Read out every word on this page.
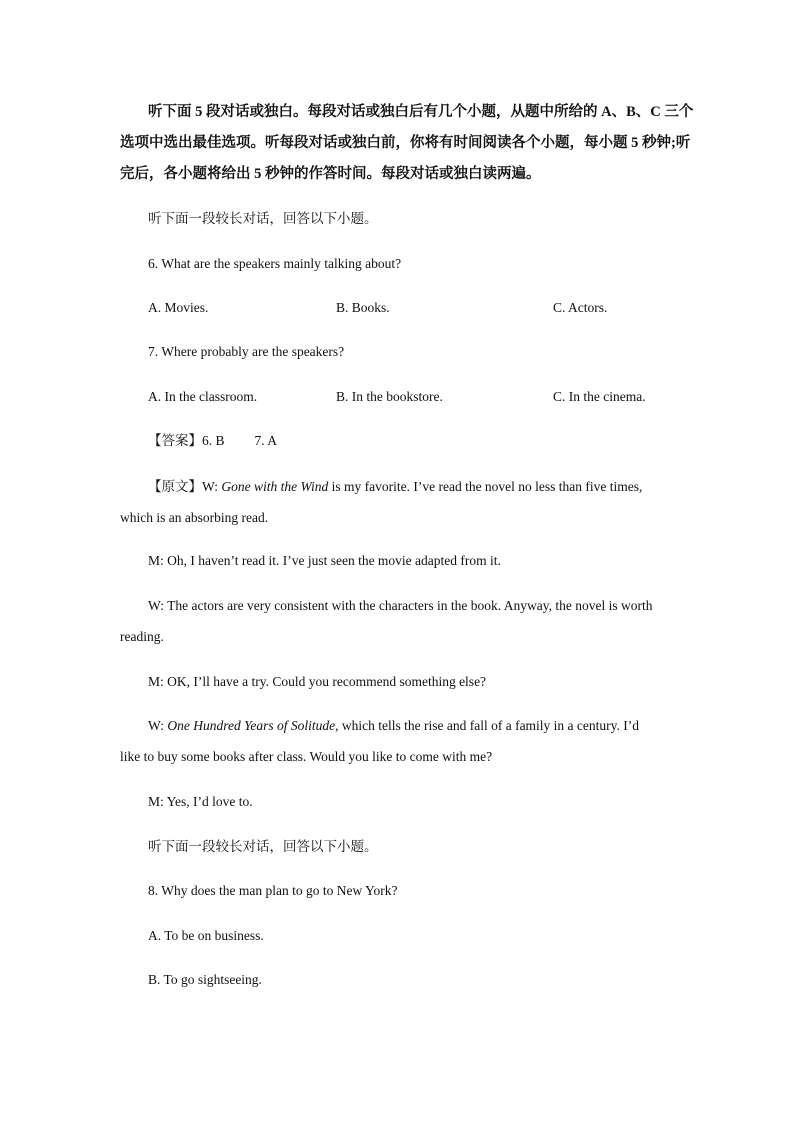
听下面 5 段对话或独白。每段对话或独白后有几个小题，从题中所给的 A、B、C 三个
选项中选出最佳选项。听每段对话或独白前，你将有时间阅读各个小题，每小题 5 秒钟;听
完后，各小题将给出 5 秒钟的作答时间。每段对话或独白读两遍。
听下面一段较长对话，回答以下小题。
6. What are the speakers mainly talking about?
A. Movies.	B. Books.	C. Actors.
7. Where probably are the speakers?
A. In the classroom.	B. In the bookstore.	C. In the cinema.
【答案】6. B 7. A
【原文】W: Gone with the Wind is my favorite. I’ve read the novel no less than five times,
which is an absorbing read.
M: Oh, I haven’t read it. I’ve just seen the movie adapted from it.
W: The actors are very consistent with the characters in the book. Anyway, the novel is worth
reading.
M: OK, I’ll have a try. Could you recommend something else?
W: One Hundred Years of Solitude, which tells the rise and fall of a family in a century. I’d
like to buy some books after class. Would you like to come with me?
M: Yes, I’d love to.
听下面一段较长对话，回答以下小题。
8. Why does the man plan to go to New York?
A. To be on business.
B. To go sightseeing.
